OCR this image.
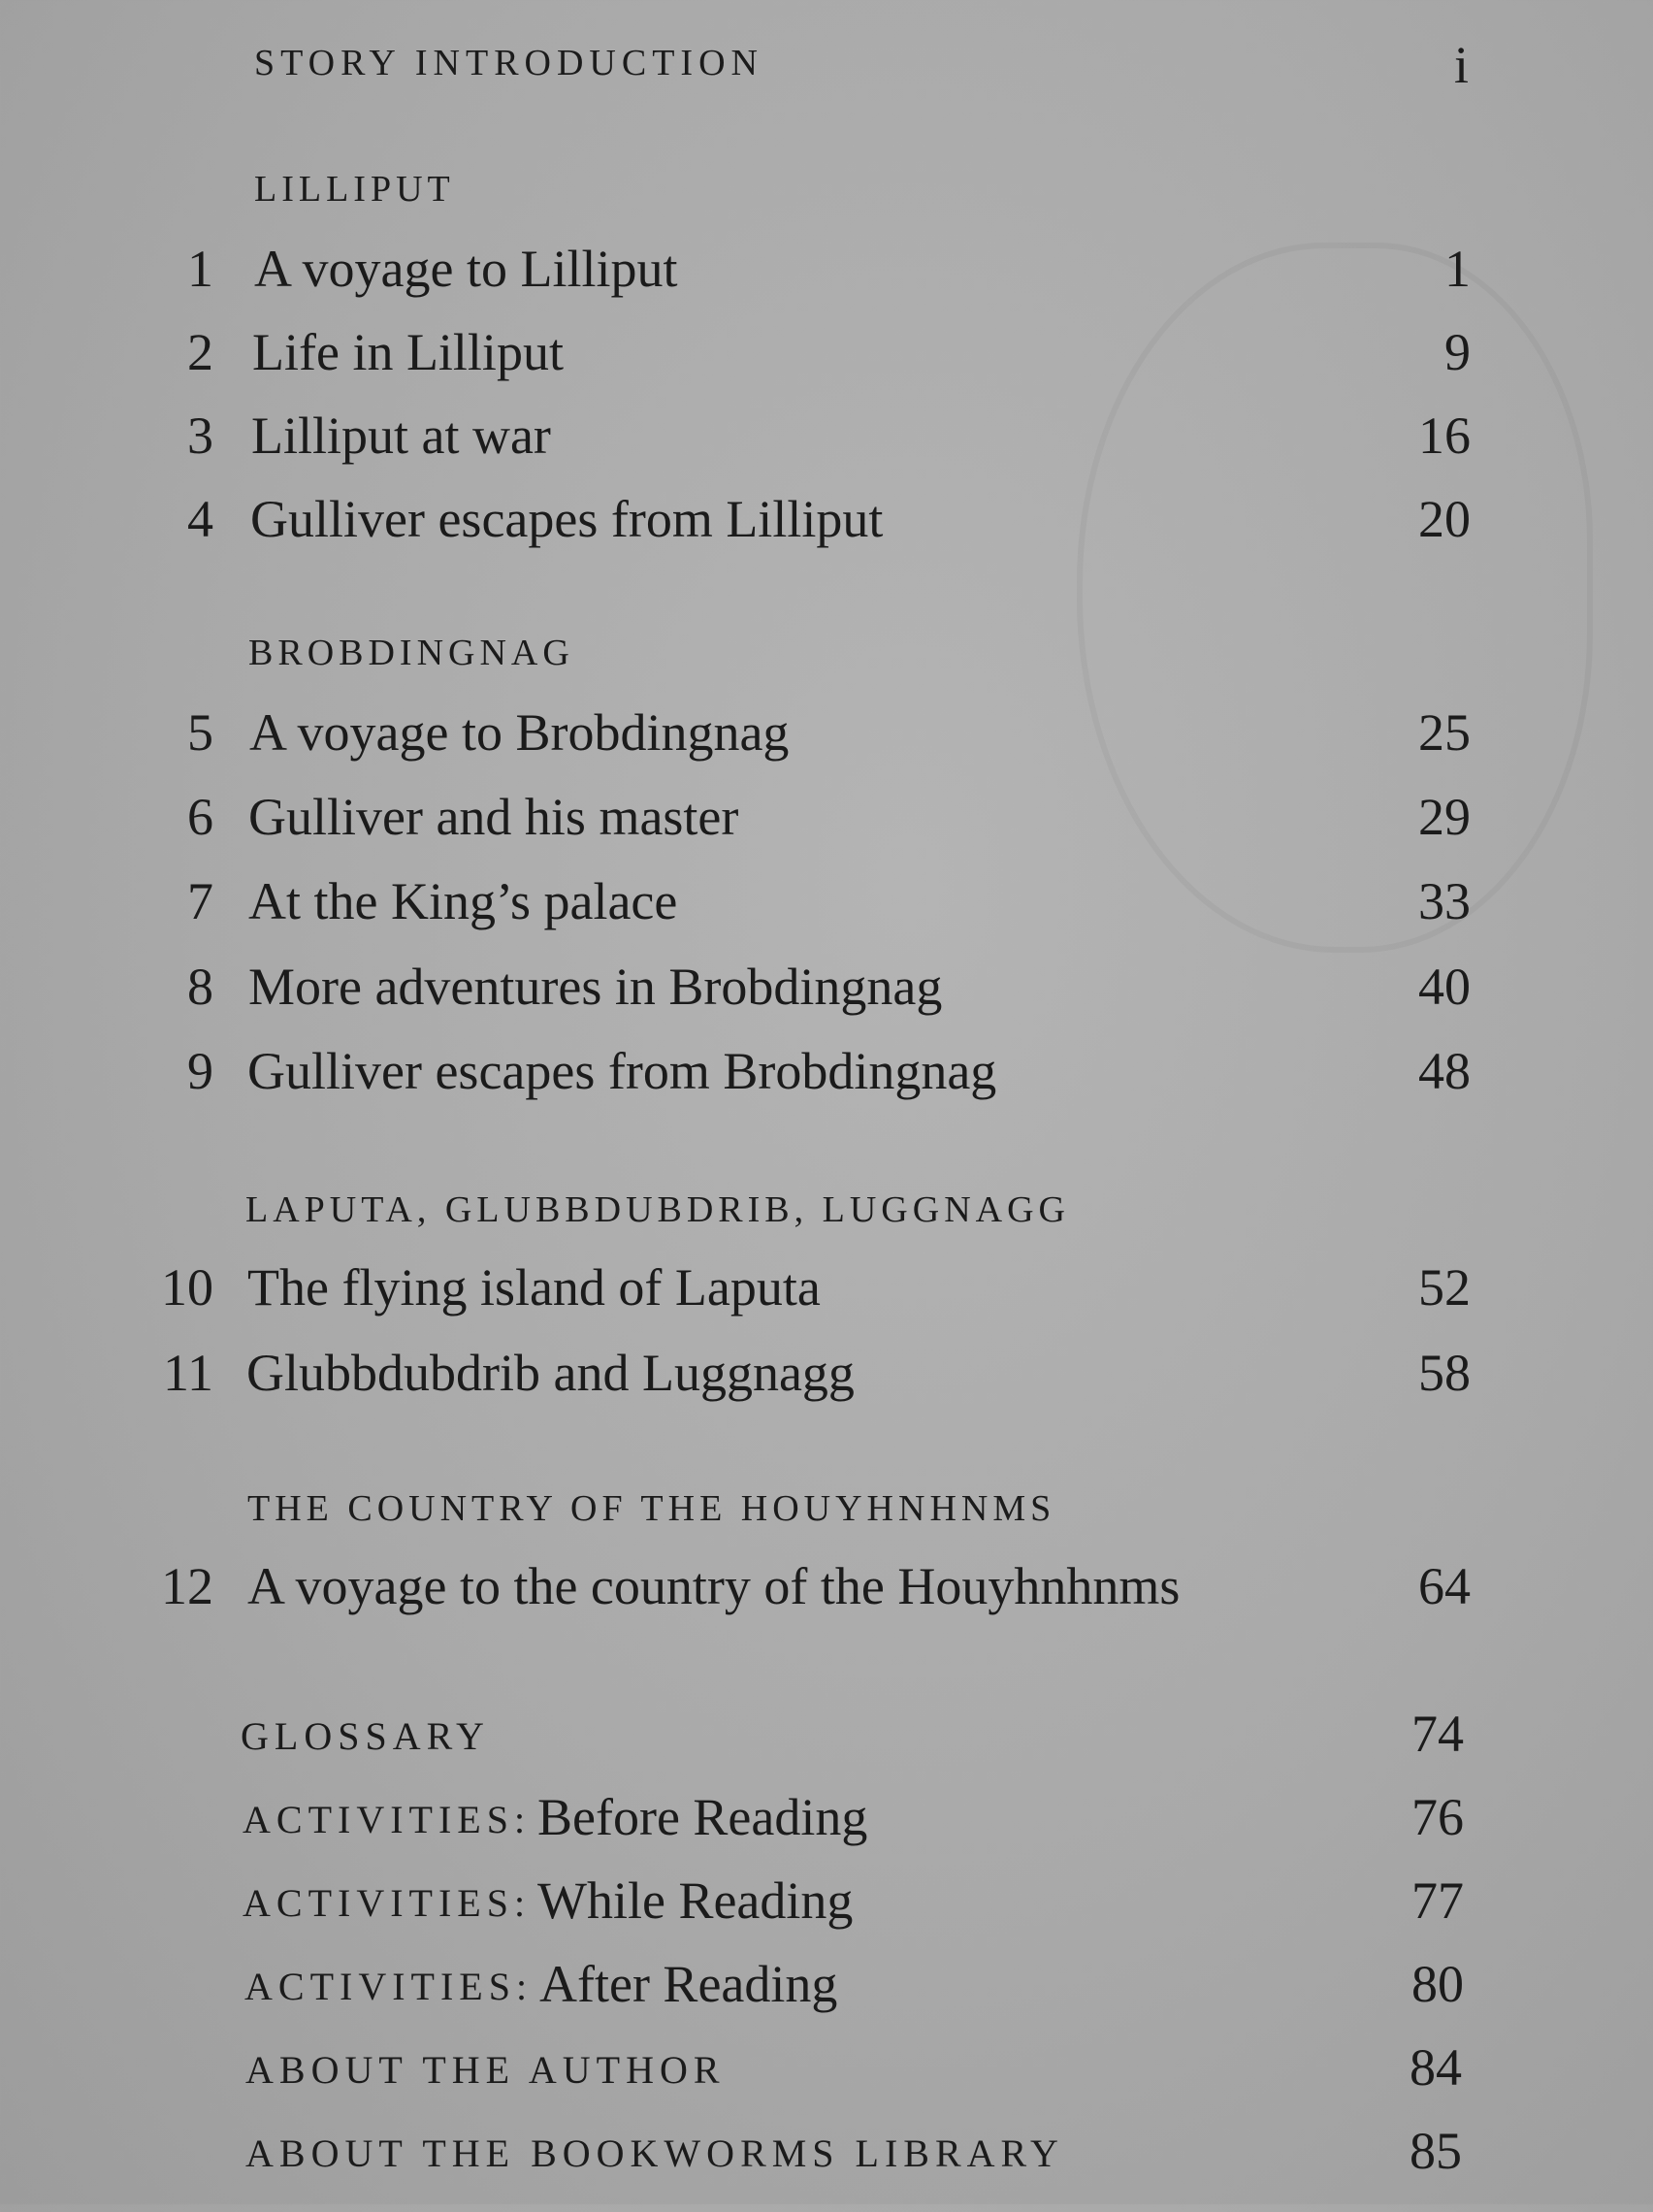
STORY INTRODUCTION	i
LILLIPUT
1 A voyage to Lilliput	1
2 Life in Lilliput	9
3 Lilliput at war	16
4 Gulliver escapes from Lilliput	20
BROBDINGNAG
5 A voyage to Brobdingnag	25
6 Gulliver and his master	29
7 At the King’s palace	33
8 More adventures in Brobdingnag	40
9 Gulliver escapes from Brobdingnag	48
LAPUTA, GLUBBDUBDRIB, LUGGNAGG
10 The flying island of Laputa	52
11 Glubbdubdrib and Luggnagg	58
THE COUNTRY OF THE HOUYHNHNMS
12 A voyage to the country of the Houyhnhnms	64
GLOSSARY	74
ACTIVITIES: Before Reading	76
ACTIVITIES: While Reading	77
ACTIVITIES: After Reading	80
ABOUT THE AUTHOR	84
ABOUT THE BOOKWORMS LIBRARY	85
